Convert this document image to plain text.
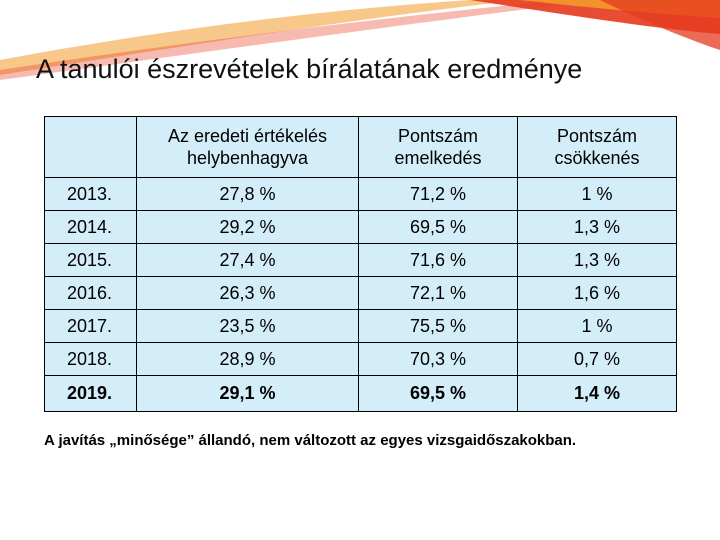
A tanulói észrevételek bírálatának eredménye
	Az eredeti értékelés helybenhagyva	Pontszám emelkedés	Pontszám csökkenés
2013.	27,8 %	71,2 %	1 %
2014.	29,2 %	69,5 %	1,3 %
2015.	27,4 %	71,6 %	1,3 %
2016.	26,3 %	72,1 %	1,6 %
2017.	23,5 %	75,5 %	1 %
2018.	28,9 %	70,3 %	0,7 %
2019.	29,1 %	69,5 %	1,4 %
A javítás „minősége” állandó, nem változott az egyes vizsgaidőszakokban.
